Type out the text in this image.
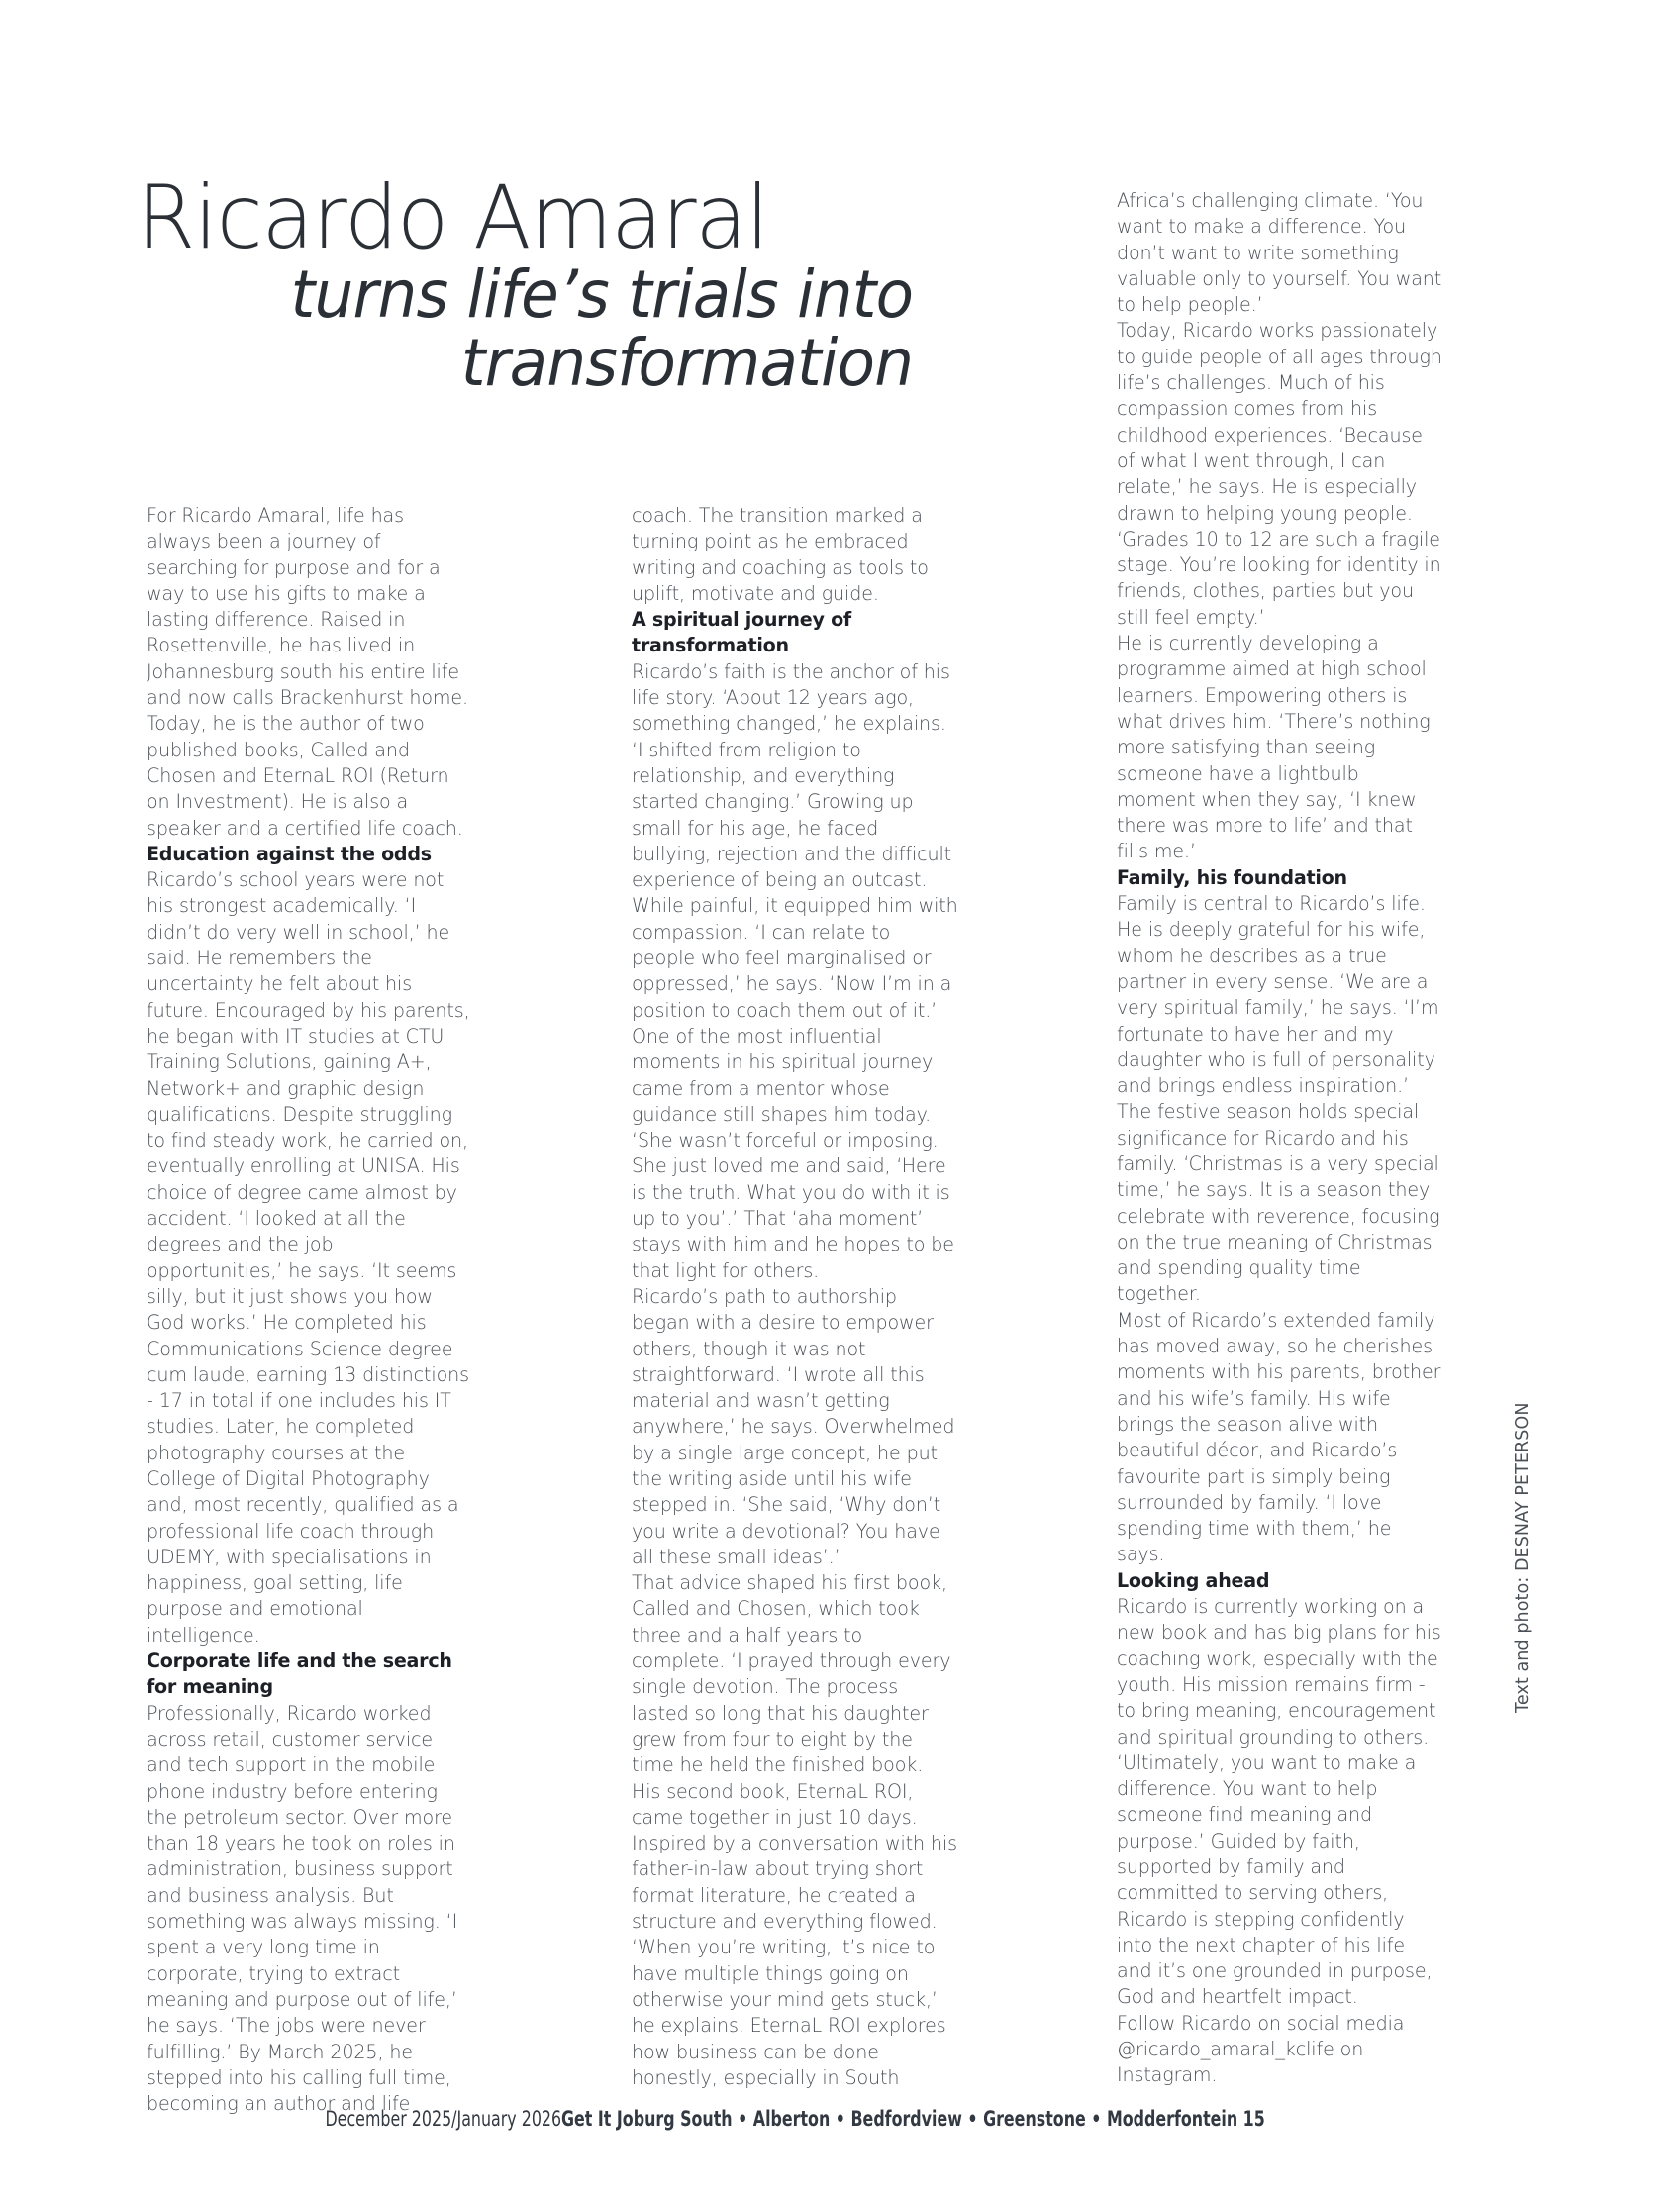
Ricardo Amaral
turns life’s trials into
transformation

For Ricardo Amaral, life has always been a journey of searching for purpose and for a way to use his gifts to make a lasting difference. Raised in Rosettenville, he has lived in Johannesburg south his entire life and now calls Brackenhurst home. Today, he is the author of two published books, Called and Chosen and EternaL ROI (Return on Investment). He is also a speaker and a certified life coach.

Education against the odds

Ricardo’s school years were not his strongest academically. ‘I didn’t do very well in school,’ he said. He remembers the uncertainty he felt about his future. Encouraged by his parents, he began with IT studies at CTU Training Solutions, gaining A+, Network+ and graphic design qualifications. Despite struggling to find steady work, he carried on, eventually enrolling at UNISA. His choice of degree came almost by accident. ‘I looked at all the degrees and the job opportunities,’ he says. ‘It seems silly, but it just shows you how God works.’ He completed his Communications Science degree cum laude, earning 13 distinctions - 17 in total if one includes his IT studies. Later, he completed photography courses at the College of Digital Photography and, most recently, qualified as a professional life coach through UDEMY, with specialisations in happiness, goal setting, life purpose and emotional intelligence.

Corporate life and the search for meaning

Professionally, Ricardo worked across retail, customer service and tech support in the mobile phone industry before entering the petroleum sector. Over more than 18 years he took on roles in administration, business support and business analysis. But something was always missing. ‘I spent a very long time in corporate, trying to extract meaning and purpose out of life,’ he says. ‘The jobs were never fulfilling.’ By March 2025, he stepped into his calling full time, becoming an author and life

coach. The transition marked a turning point as he embraced writing and coaching as tools to uplift, motivate and guide.

A spiritual journey of transformation

Ricardo’s faith is the anchor of his life story. ‘About 12 years ago, something changed,’ he explains. ‘I shifted from religion to relationship, and everything started changing.’ Growing up small for his age, he faced bullying, rejection and the difficult experience of being an outcast. While painful, it equipped him with compassion. ‘I can relate to people who feel marginalised or oppressed,’ he says. ‘Now I’m in a position to coach them out of it.’

One of the most influential moments in his spiritual journey came from a mentor whose guidance still shapes him today. ‘She wasn’t forceful or imposing. She just loved me and said, ‘Here is the truth. What you do with it is up to you’.’ That ‘aha moment’ stays with him and he hopes to be that light for others.

Ricardo’s path to authorship began with a desire to empower others, though it was not straightforward. ‘I wrote all this material and wasn’t getting anywhere,’ he says. Overwhelmed by a single large concept, he put the writing aside until his wife stepped in. ‘She said, ‘Why don’t you write a devotional? You have all these small ideas’.’

That advice shaped his first book, Called and Chosen, which took three and a half years to complete. ‘I prayed through every single devotion. The process lasted so long that his daughter grew from four to eight by the time he held the finished book.

His second book, EternaL ROI, came together in just 10 days. Inspired by a conversation with his father-in-law about trying short format literature, he created a structure and everything flowed. ‘When you’re writing, it’s nice to have multiple things going on otherwise your mind gets stuck,’ he explains. EternaL ROI explores how business can be done honestly, especially in South

Africa’s challenging climate. ‘You want to make a difference. You don’t want to write something valuable only to yourself. You want to help people.’

Today, Ricardo works passionately to guide people of all ages through life’s challenges. Much of his compassion comes from his childhood experiences. ‘Because of what I went through, I can relate,’ he says. He is especially drawn to helping young people. ‘Grades 10 to 12 are such a fragile stage. You’re looking for identity in friends, clothes, parties but you still feel empty.’

He is currently developing a programme aimed at high school learners. Empowering others is what drives him. ‘There’s nothing more satisfying than seeing someone have a lightbulb moment when they say, ‘I knew there was more to life’ and that fills me.’

Family, his foundation

Family is central to Ricardo’s life. He is deeply grateful for his wife, whom he describes as a true partner in every sense. ‘We are a very spiritual family,’ he says. ‘I’m fortunate to have her and my daughter who is full of personality and brings endless inspiration.’

The festive season holds special significance for Ricardo and his family. ‘Christmas is a very special time,’ he says. It is a season they celebrate with reverence, focusing on the true meaning of Christmas and spending quality time together.

Most of Ricardo’s extended family has moved away, so he cherishes moments with his parents, brother and his wife’s family. His wife brings the season alive with beautiful décor, and Ricardo’s favourite part is simply being surrounded by family. ‘I love spending time with them,’ he says.

Looking ahead

Ricardo is currently working on a new book and has big plans for his coaching work, especially with the youth. His mission remains firm - to bring meaning, encouragement and spiritual grounding to others.

‘Ultimately, you want to make a difference. You want to help someone find meaning and purpose.’ Guided by faith, supported by family and committed to serving others, Ricardo is stepping confidently into the next chapter of his life and it’s one grounded in purpose, God and heartfelt impact.

Follow Ricardo on social media @ricardo_amaral_kclife on Instagram.

Text and photo: DESNAY PETERSON
December 2025/January 2026Get It Joburg South • Alberton • Bedfordview • Greenstone • Modderfontein 15
